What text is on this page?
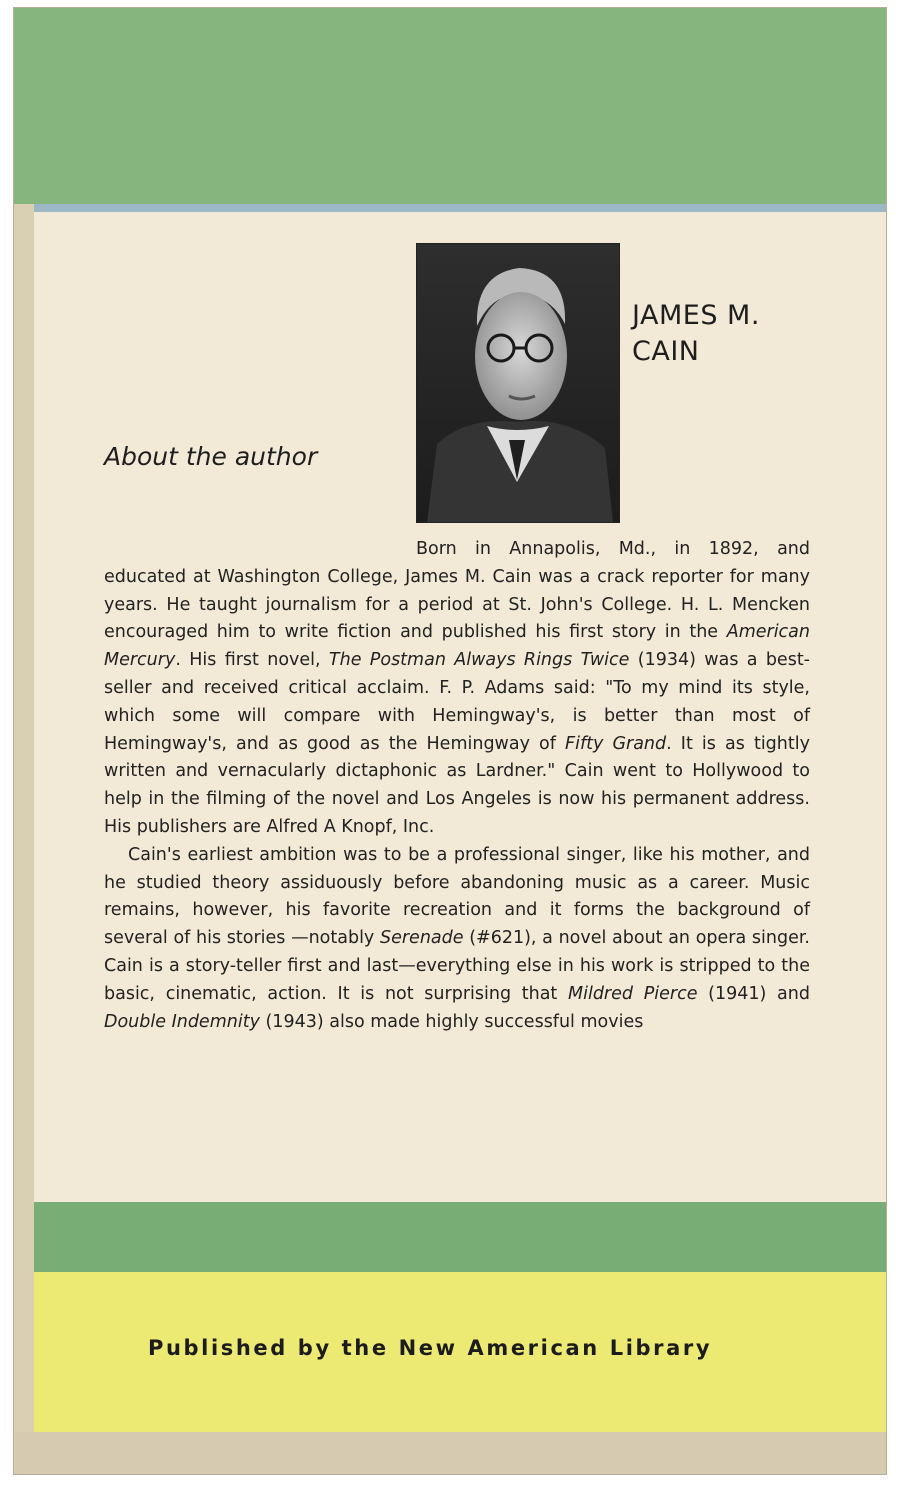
JAMES M.
CAIN
About the author

Born in Annapolis, Md., in 1892, and educated at Washington College, James M. Cain was a crack reporter for many years. He taught journalism for a period at St. John's College. H. L. Mencken encouraged him to write fiction and published his first story in the American Mercury. His first novel, The Postman Always Rings Twice (1934) was a best-seller and received critical acclaim. F. P. Adams said: "To my mind its style, which some will compare with Hemingway's, is better than most of Hemingway's, and as good as the Hemingway of Fifty Grand. It is as tightly written and vernacularly dictaphonic as Lardner." Cain went to Hollywood to help in the filming of the novel and Los Angeles is now his permanent address. His publishers are Alfred A Knopf, Inc.

Cain's earliest ambition was to be a professional singer, like his mother, and he studied theory assiduously before abandoning music as a career. Music remains, however, his favorite recreation and it forms the background of several of his stories —notably Serenade (#621), a novel about an opera singer. Cain is a story-teller first and last—everything else in his work is stripped to the basic, cinematic, action. It is not surprising that Mildred Pierce (1941) and Double Indemnity (1943) also made highly successful movies

Published by the New American Library
